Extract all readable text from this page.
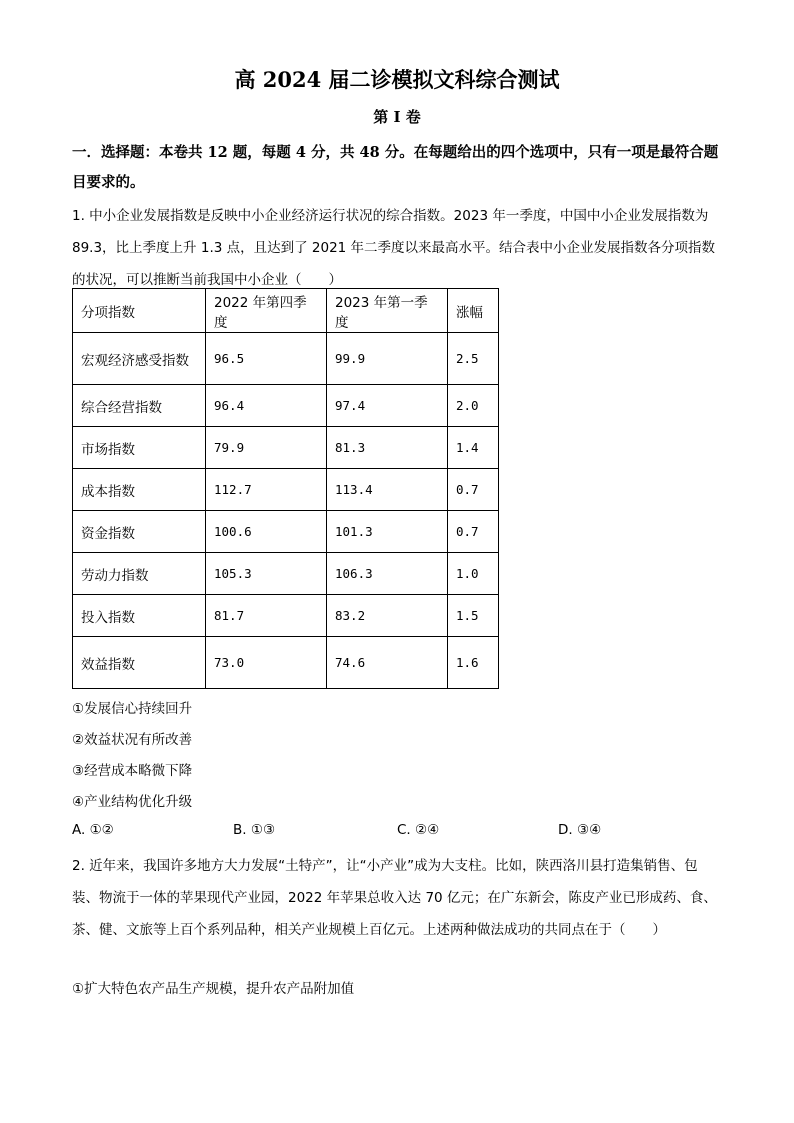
高 2024 届二诊模拟文科综合测试
第 I 卷
一．选择题：本卷共 12 题，每题 4 分，共 48 分。在每题给出的四个选项中，只有一项是最符合题目要求的。
1. 中小企业发展指数是反映中小企业经济运行状况的综合指数。2023 年一季度，中国中小企业发展指数为 89.3，比上季度上升 1.3 点，且达到了 2021 年二季度以来最高水平。结合表中小企业发展指数各分项指数的状况，可以推断当前我国中小企业（　　）
分项指数	2022 年第四季度	2023 年第一季度	涨幅
宏观经济感受指数	96.5	99.9	2.5
综合经营指数	96.4	97.4	2.0
市场指数	79.9	81.3	1.4
成本指数	112.7	113.4	0.7
资金指数	100.6	101.3	0.7
劳动力指数	105.3	106.3	1.0
投入指数	81.7	83.2	1.5
效益指数	73.0	74.6	1.6
①发展信心持续回升
②效益状况有所改善
③经营成本略微下降
④产业结构优化升级
A. ①②	B. ①③	C. ②④	D. ③④
2. 近年来，我国许多地方大力发展“土特产”，让“小产业”成为大支柱。比如，陕西洛川县打造集销售、包装、物流于一体的苹果现代产业园，2022 年苹果总收入达 70 亿元；在广东新会，陈皮产业已形成药、食、茶、健、文旅等上百个系列品种，相关产业规模上百亿元。上述两种做法成功的共同点在于（　　）
①扩大特色农产品生产规模，提升农产品附加值
